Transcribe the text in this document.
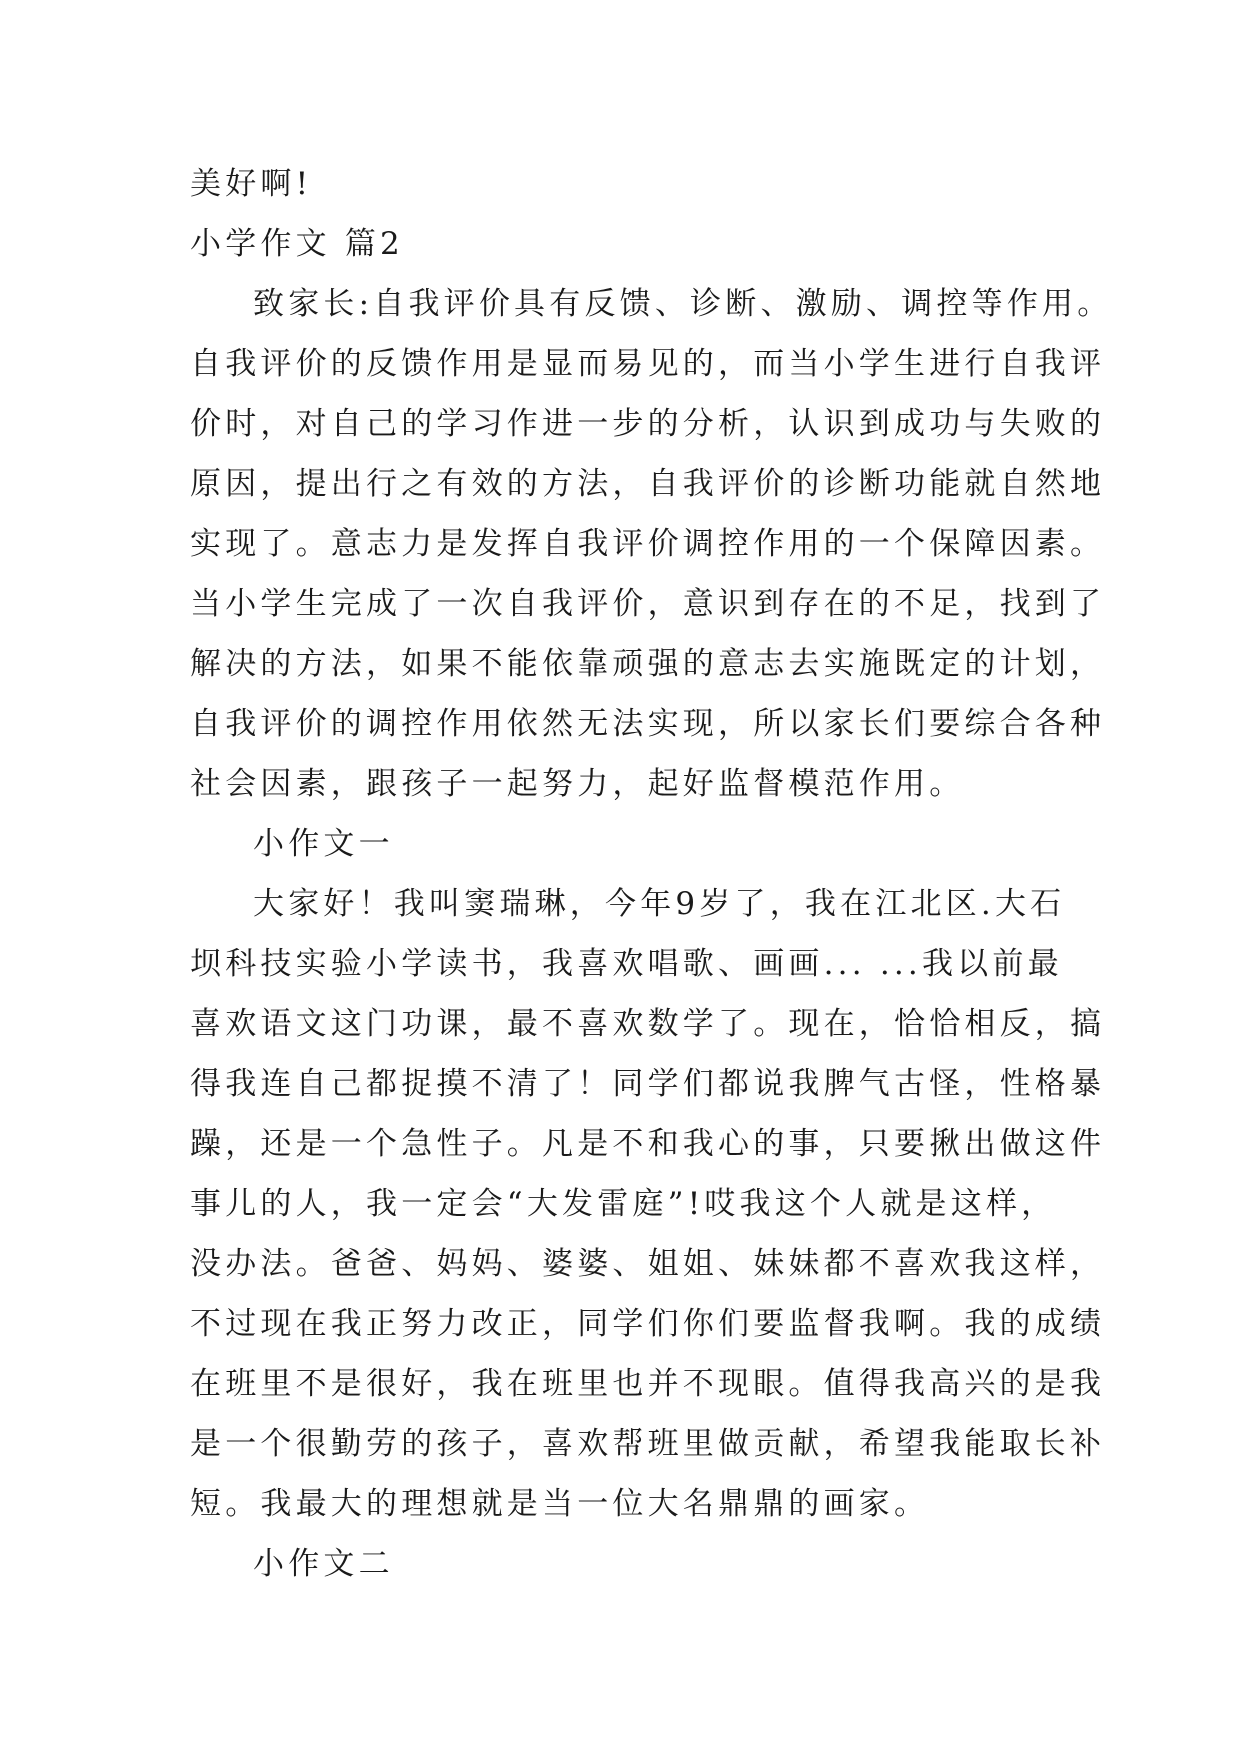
美好啊!
小学作文 篇2
致家长:自我评价具有反馈、诊断、激励、调控等作用。
自我评价的反馈作用是显而易见的，而当小学生进行自我评
价时，对自己的学习作进一步的分析，认识到成功与失败的
原因，提出行之有效的方法，自我评价的诊断功能就自然地
实现了。意志力是发挥自我评价调控作用的一个保障因素。
当小学生完成了一次自我评价，意识到存在的不足，找到了
解决的方法，如果不能依靠顽强的意志去实施既定的计划，
自我评价的调控作用依然无法实现，所以家长们要综合各种
社会因素，跟孩子一起努力，起好监督模范作用。
小作文一
大家好！我叫窦瑞琳，今年9岁了，我在江北区.大石
坝科技实验小学读书，我喜欢唱歌、画画... ...我以前最
喜欢语文这门功课，最不喜欢数学了。现在，恰恰相反，搞
得我连自己都捉摸不清了！同学们都说我脾气古怪，性格暴
躁，还是一个急性子。凡是不和我心的事，只要揪出做这件
事儿的人，我一定会“大发雷庭”!哎我这个人就是这样，
没办法。爸爸、妈妈、婆婆、姐姐、妹妹都不喜欢我这样，
不过现在我正努力改正，同学们你们要监督我啊。我的成绩
在班里不是很好，我在班里也并不现眼。值得我高兴的是我
是一个很勤劳的孩子，喜欢帮班里做贡献，希望我能取长补
短。我最大的理想就是当一位大名鼎鼎的画家。
小作文二
